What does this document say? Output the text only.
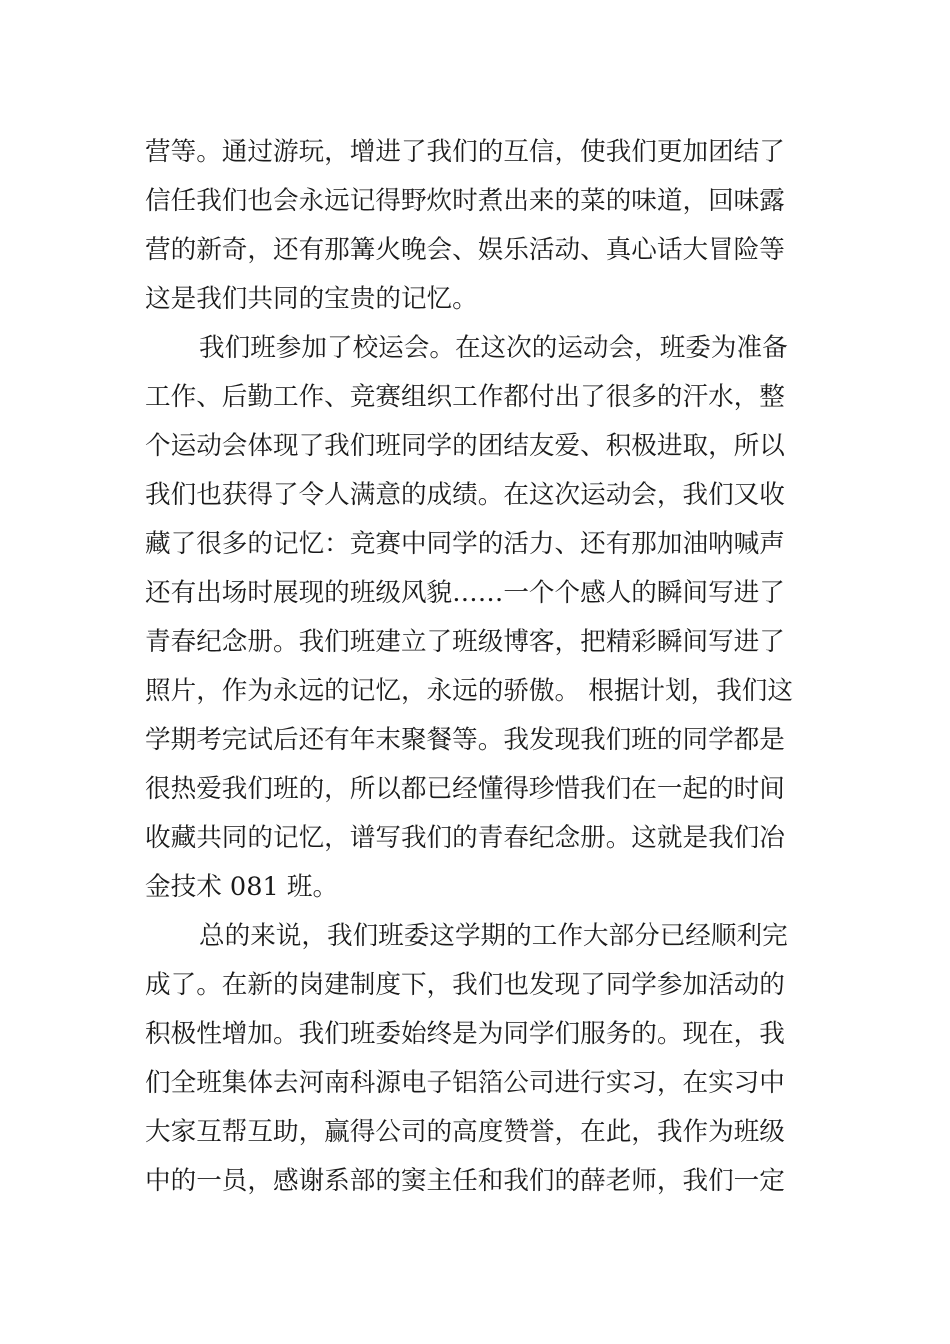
营等。通过游玩，增进了我们的互信，使我们更加团结了
信任我们也会永远记得野炊时煮出来的菜的味道，回味露
营的新奇，还有那篝火晚会、娱乐活动、真心话大冒险等
这是我们共同的宝贵的记忆。
我们班参加了校运会。在这次的运动会，班委为准备
工作、后勤工作、竞赛组织工作都付出了很多的汗水，整
个运动会体现了我们班同学的团结友爱、积极进取，所以
我们也获得了令人满意的成绩。在这次运动会，我们又收
藏了很多的记忆：竞赛中同学的活力、还有那加油呐喊声
还有出场时展现的班级风貌……一个个感人的瞬间写进了
青春纪念册。我们班建立了班级博客，把精彩瞬间写进了
照片，作为永远的记忆，永远的骄傲。 根据计划，我们这
学期考完试后还有年末聚餐等。我发现我们班的同学都是
很热爱我们班的，所以都已经懂得珍惜我们在一起的时间
收藏共同的记忆，谱写我们的青春纪念册。这就是我们冶
金技术 081 班。
总的来说，我们班委这学期的工作大部分已经顺利完
成了。在新的岗建制度下，我们也发现了同学参加活动的
积极性增加。我们班委始终是为同学们服务的。现在，我
们全班集体去河南科源电子铝箔公司进行实习，在实习中
大家互帮互助，赢得公司的高度赞誉，在此，我作为班级
中的一员，感谢系部的窦主任和我们的薛老师，我们一定
